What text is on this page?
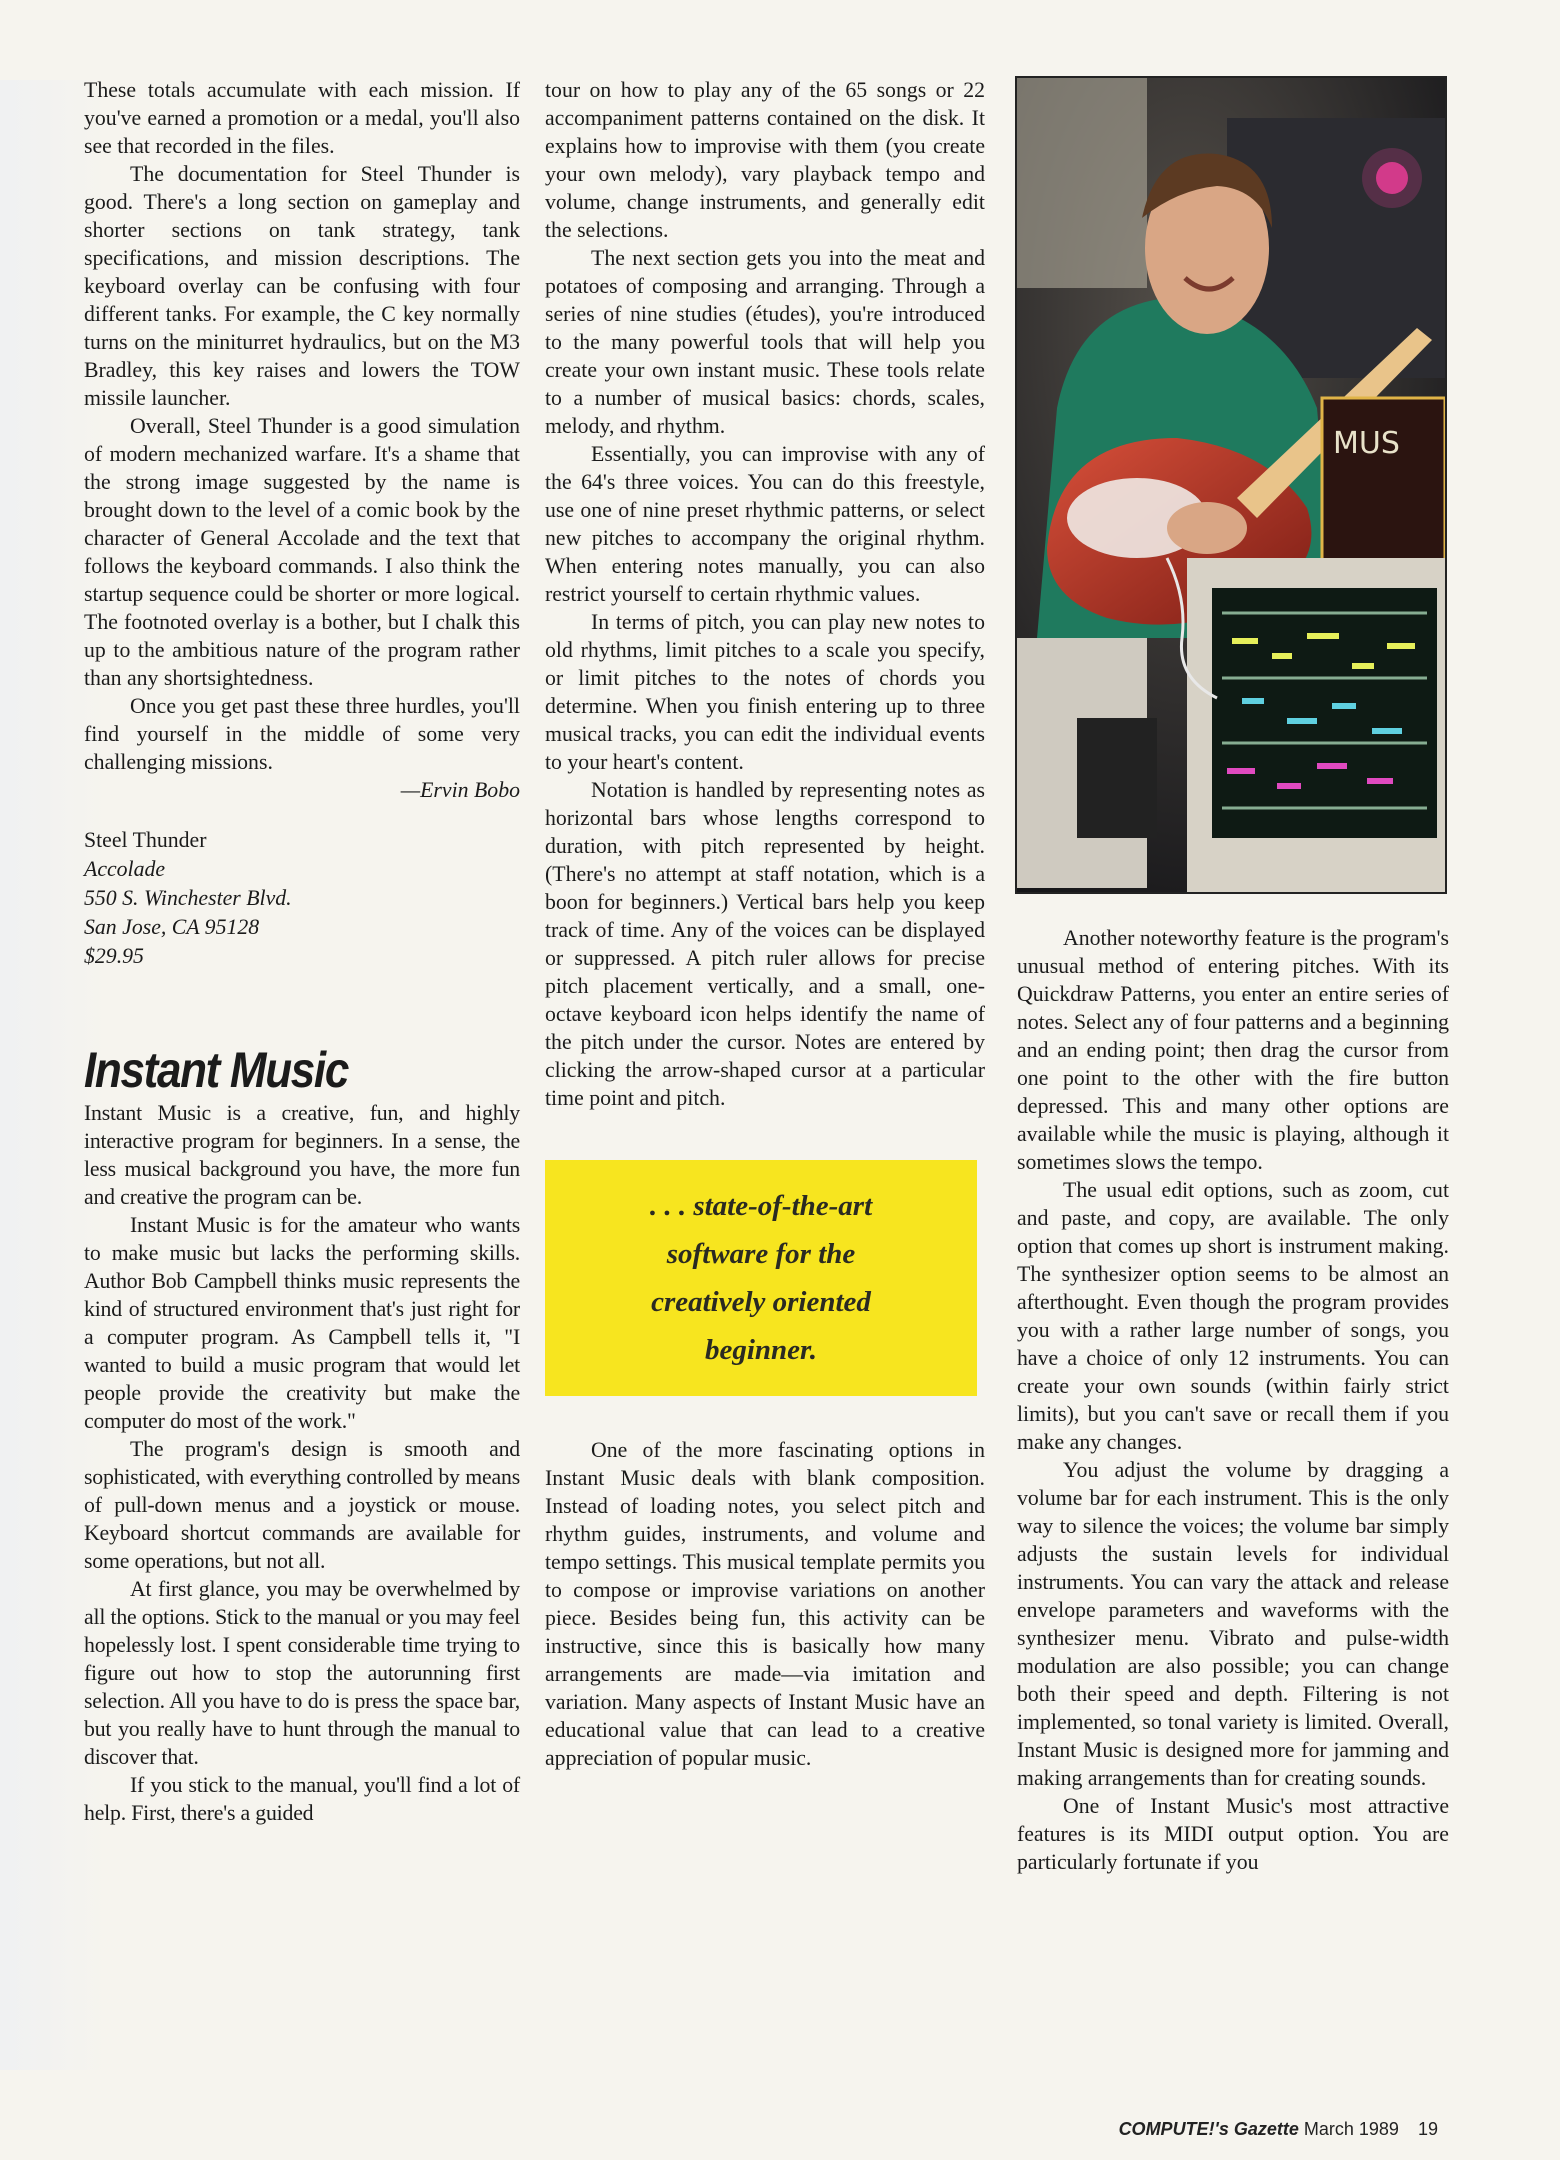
These totals accumulate with each mission. If you've earned a promotion or a medal, you'll also see that recorded in the files.

The documentation for Steel Thunder is good. There's a long section on gameplay and shorter sections on tank strategy, tank specifications, and mission descriptions. The keyboard overlay can be confusing with four different tanks. For example, the C key normally turns on the miniturret hydraulics, but on the M3 Bradley, this key raises and lowers the TOW missile launcher.

Overall, Steel Thunder is a good simulation of modern mechanized warfare. It's a shame that the strong image suggested by the name is brought down to the level of a comic book by the character of General Accolade and the text that follows the keyboard commands. I also think the startup sequence could be shorter or more logical. The footnoted overlay is a bother, but I chalk this up to the ambitious nature of the program rather than any shortsightedness.

Once you get past these three hurdles, you'll find yourself in the middle of some very challenging missions.

—Ervin Bobo
Steel Thunder
Accolade
550 S. Winchester Blvd.
San Jose, CA 95128
$29.95
Instant Music

Instant Music is a creative, fun, and highly interactive program for beginners. In a sense, the less musical background you have, the more fun and creative the program can be.

Instant Music is for the amateur who wants to make music but lacks the performing skills. Author Bob Campbell thinks music represents the kind of structured environment that's just right for a computer program. As Campbell tells it, "I wanted to build a music program that would let people provide the creativity but make the computer do most of the work."

The program's design is smooth and sophisticated, with everything controlled by means of pull-down menus and a joystick or mouse. Keyboard shortcut commands are available for some operations, but not all.

At first glance, you may be overwhelmed by all the options. Stick to the manual or you may feel hopelessly lost. I spent considerable time trying to figure out how to stop the autorunning first selection. All you have to do is press the space bar, but you really have to hunt through the manual to discover that.

If you stick to the manual, you'll find a lot of help. First, there's a guided

tour on how to play any of the 65 songs or 22 accompaniment patterns contained on the disk. It explains how to improvise with them (you create your own melody), vary playback tempo and volume, change instruments, and generally edit the selections.

The next section gets you into the meat and potatoes of composing and arranging. Through a series of nine studies (études), you're introduced to the many powerful tools that will help you create your own instant music. These tools relate to a number of musical basics: chords, scales, melody, and rhythm.

Essentially, you can improvise with any of the 64's three voices. You can do this freestyle, use one of nine preset rhythmic patterns, or select new pitches to accompany the original rhythm. When entering notes manually, you can also restrict yourself to certain rhythmic values.

In terms of pitch, you can play new notes to old rhythms, limit pitches to a scale you specify, or limit pitches to the notes of chords you determine. When you finish entering up to three musical tracks, you can edit the individual events to your heart's content.

Notation is handled by representing notes as horizontal bars whose lengths correspond to duration, with pitch represented by height. (There's no attempt at staff notation, which is a boon for beginners.) Vertical bars help you keep track of time. Any of the voices can be displayed or suppressed. A pitch ruler allows for precise pitch placement vertically, and a small, one-octave keyboard icon helps identify the name of the pitch under the cursor. Notes are entered by clicking the arrow-shaped cursor at a particular time point and pitch.

. . . state-of-the-art software for the creatively oriented beginner.

One of the more fascinating options in Instant Music deals with blank composition. Instead of loading notes, you select pitch and rhythm guides, instruments, and volume and tempo settings. This musical template permits you to compose or improvise variations on another piece. Besides being fun, this activity can be instructive, since this is basically how many arrangements are made—via imitation and variation. Many aspects of Instant Music have an educational value that can lead to a creative appreciation of popular music.

MUS

Another noteworthy feature is the program's unusual method of entering pitches. With its Quickdraw Patterns, you enter an entire series of notes. Select any of four patterns and a beginning and an ending point; then drag the cursor from one point to the other with the fire button depressed. This and many other options are available while the music is playing, although it sometimes slows the tempo.

The usual edit options, such as zoom, cut and paste, and copy, are available. The only option that comes up short is instrument making. The synthesizer option seems to be almost an afterthought. Even though the program provides you with a rather large number of songs, you have a choice of only 12 instruments. You can create your own sounds (within fairly strict limits), but you can't save or recall them if you make any changes.

You adjust the volume by dragging a volume bar for each instrument. This is the only way to silence the voices; the volume bar simply adjusts the sustain levels for individual instruments. You can vary the attack and release envelope parameters and waveforms with the synthesizer menu. Vibrato and pulse-width modulation are also possible; you can change both their speed and depth. Filtering is not implemented, so tonal variety is limited. Overall, Instant Music is designed more for jamming and making arrangements than for creating sounds.

One of Instant Music's most attractive features is its MIDI output option. You are particularly fortunate if you

COMPUTE!'s Gazette March 1989 19
